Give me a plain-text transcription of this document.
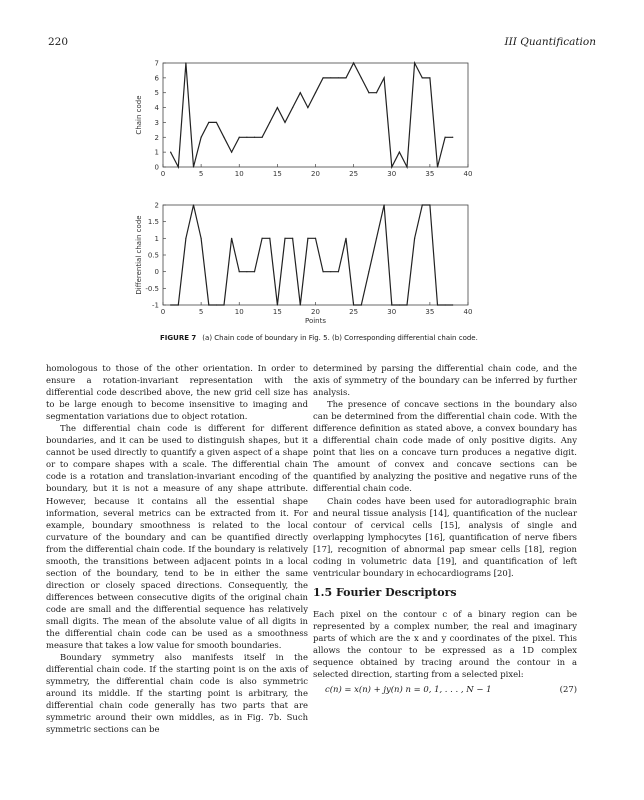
220	III Quantification
0	5	10	15	20	25	30	35	40
0
1
2
3
4
5
6
7
Chain code
0	5	10	15	20	25	30	35	40
-1
-0.5
0
0.5
1
1.5
2
Differential chain code
Points
FIGURE 7 (a) Chain code of boundary in Fig. 5. (b) Corresponding differential chain code.

homologous to those of the other orientation. In order to ensure a rotation-invariant representation with the differential code described above, the new grid cell size has to be large enough to become insensitive to imaging and segmentation variations due to object rotation.

The differential chain code is different for different boundaries, and it can be used to distinguish shapes, but it cannot be used directly to quantify a given aspect of a shape or to compare shapes with a scale. The differential chain code is a rotation and translation-invariant encoding of the boundary, but it is not a measure of any shape attribute. However, because it contains all the essential shape information, several metrics can be extracted from it. For example, boundary smoothness is related to the local curvature of the boundary and can be quantified directly from the differential chain code. If the boundary is relatively smooth, the transitions between adjacent points in a local section of the boundary, tend to be in either the same direction or closely spaced directions. Consequently, the differences between consecutive digits of the original chain code are small and the differential sequence has relatively small digits. The mean of the absolute value of all digits in the differential chain code can be used as a smoothness measure that takes a low value for smooth boundaries.

Boundary symmetry also manifests itself in the differential chain code. If the starting point is on the axis of symmetry, the differential chain code is also symmetric around its middle. If the starting point is arbitrary, the differential chain code generally has two parts that are symmetric around their own middles, as in Fig. 7b. Such symmetric sections can be

determined by parsing the differential chain code, and the axis of symmetry of the boundary can be inferred by further analysis.

The presence of concave sections in the boundary also can be determined from the differential chain code. With the difference definition as stated above, a convex boundary has a differential chain code made of only positive digits. Any point that lies on a concave turn produces a negative digit. The amount of convex and concave sections can be quantified by analyzing the positive and negative runs of the differential chain code.

Chain codes have been used for autoradiographic brain and neural tissue analysis [14], quantification of the nuclear contour of cervical cells [15], analysis of single and overlapping lymphocytes [16], quantification of nerve fibers [17], recognition of abnormal pap smear cells [18], region coding in volumetric data [19], and quantification of left ventricular boundary in echocardiograms [20].

1.5 Fourier Descriptors

Each pixel on the contour c of a binary region can be represented by a complex number, the real and imaginary parts of which are the x and y coordinates of the pixel. This allows the contour to be expressed as a 1D complex sequence obtained by tracing around the contour in a selected direction, starting from a selected pixel:

c(n) = x(n) + jy(n) n = 0, 1, . . . , N − 1	(27)
